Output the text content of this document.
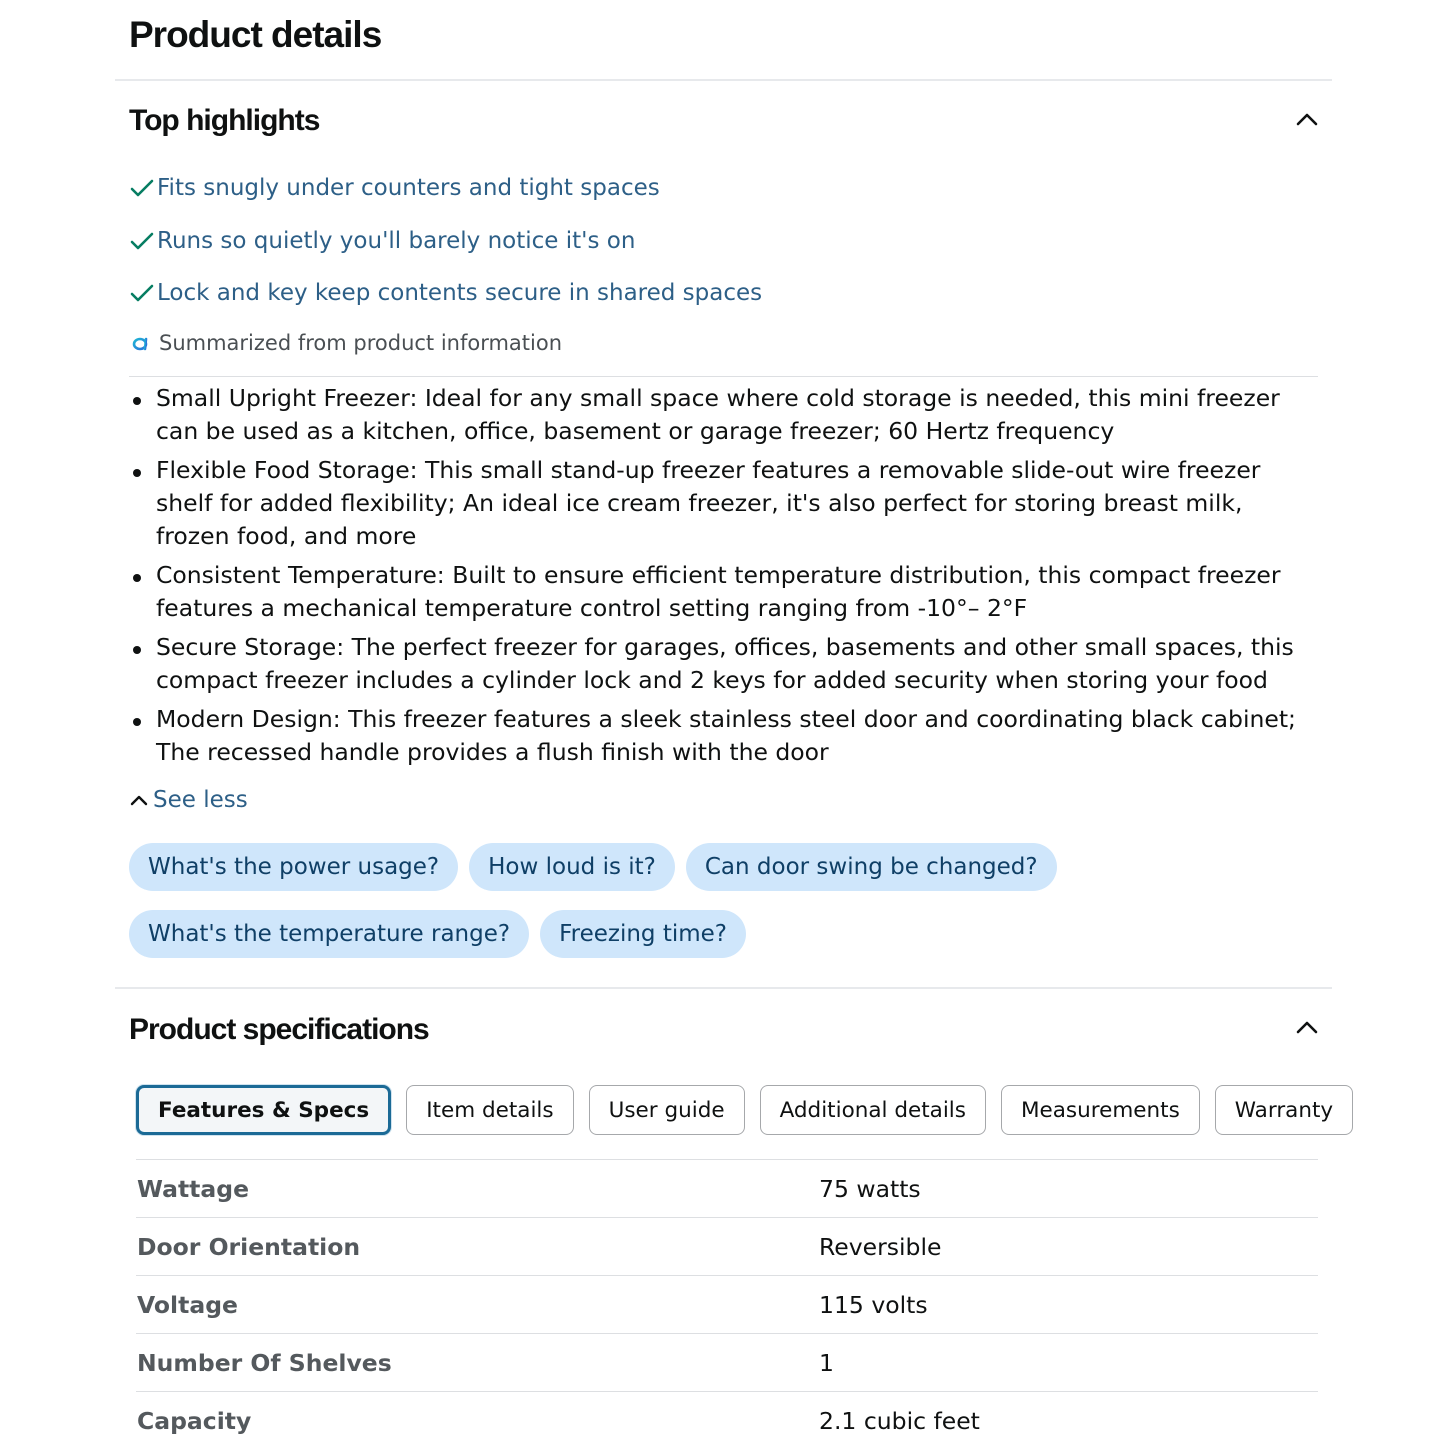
Product details
Top highlights
Fits snugly under counters and tight spaces
Runs so quietly you'll barely notice it's on
Lock and key keep contents secure in shared spaces
Summarized from product information
Small Upright Freezer: Ideal for any small space where cold storage is needed, this mini freezer can be used as a kitchen, office, basement or garage freezer; 60 Hertz frequency
Flexible Food Storage: This small stand-up freezer features a removable slide-out wire freezer shelf for added flexibility; An ideal ice cream freezer, it's also perfect for storing breast milk, frozen food, and more
Consistent Temperature: Built to ensure efficient temperature distribution, this compact freezer features a mechanical temperature control setting ranging from -10°– 2°F
Secure Storage: The perfect freezer for garages, offices, basements and other small spaces, this compact freezer includes a cylinder lock and 2 keys for added security when storing your food
Modern Design: This freezer features a sleek stainless steel door and coordinating black cabinet; The recessed handle provides a flush finish with the door
See less
What's the power usage?	How loud is it?	Can door swing be changed?
What's the temperature range?	Freezing time?
Product specifications
Features & Specs	Item details	User guide	Additional details	Measurements	Warranty
Wattage	75 watts
Door Orientation	Reversible
Voltage	115 volts
Number Of Shelves	1
Capacity	2.1 cubic feet
